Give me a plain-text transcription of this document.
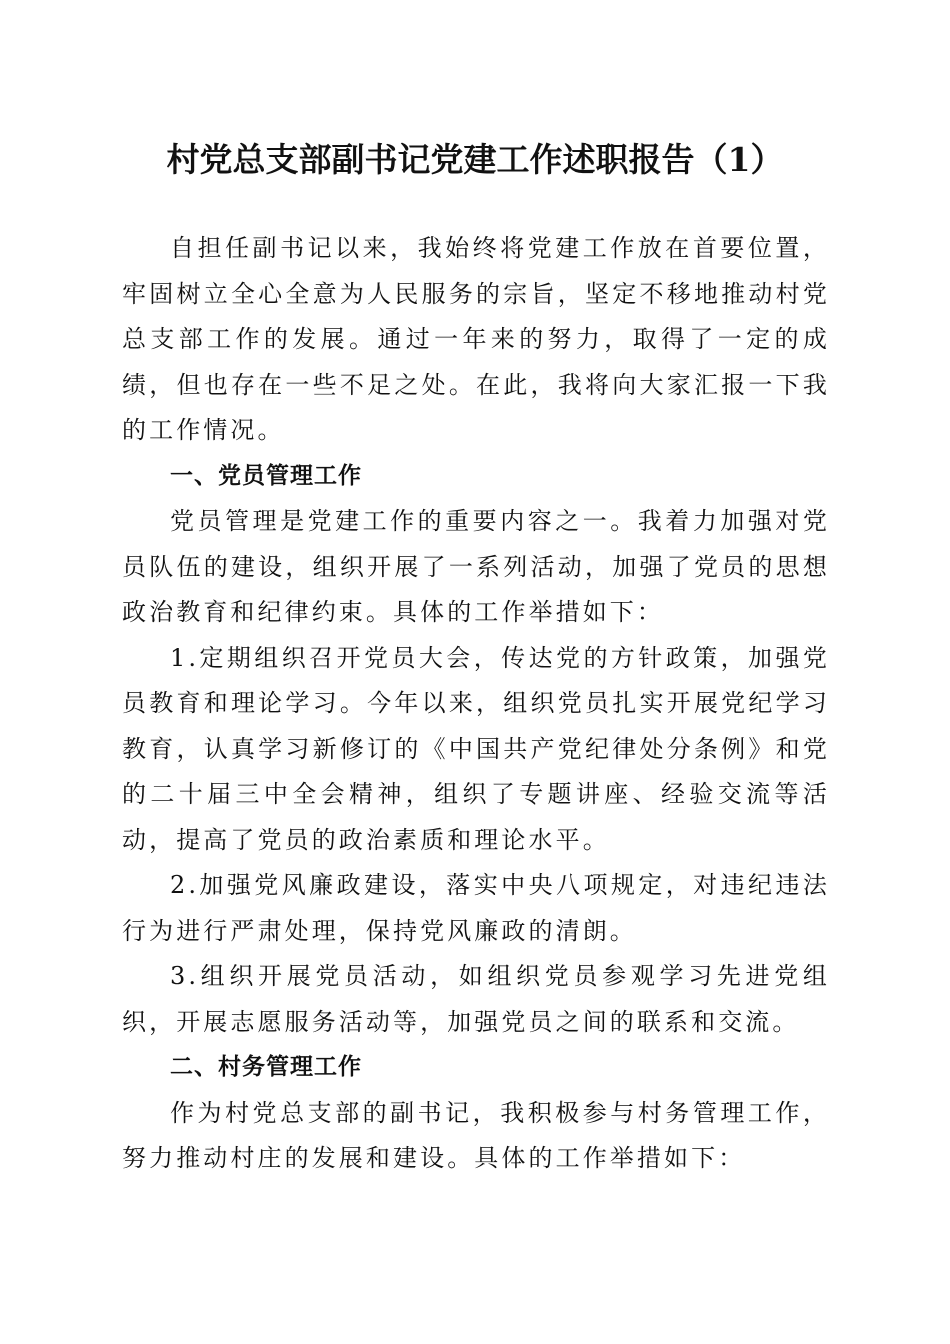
村党总支部副书记党建工作述职报告（1）

自担任副书记以来，我始终将党建工作放在首要位置，牢固树立全心全意为人民服务的宗旨，坚定不移地推动村党总支部工作的发展。通过一年来的努力，取得了一定的成绩，但也存在一些不足之处。在此，我将向大家汇报一下我的工作情况。

一、党员管理工作

党员管理是党建工作的重要内容之一。我着力加强对党员队伍的建设，组织开展了一系列活动，加强了党员的思想政治教育和纪律约束。具体的工作举措如下：

1.定期组织召开党员大会，传达党的方针政策，加强党员教育和理论学习。今年以来，组织党员扎实开展党纪学习教育，认真学习新修订的《中国共产党纪律处分条例》和党的二十届三中全会精神，组织了专题讲座、经验交流等活动，提高了党员的政治素质和理论水平。

2.加强党风廉政建设，落实中央八项规定，对违纪违法行为进行严肃处理，保持党风廉政的清朗。

3.组织开展党员活动，如组织党员参观学习先进党组织，开展志愿服务活动等，加强党员之间的联系和交流。

二、村务管理工作

作为村党总支部的副书记，我积极参与村务管理工作，努力推动村庄的发展和建设。具体的工作举措如下：
